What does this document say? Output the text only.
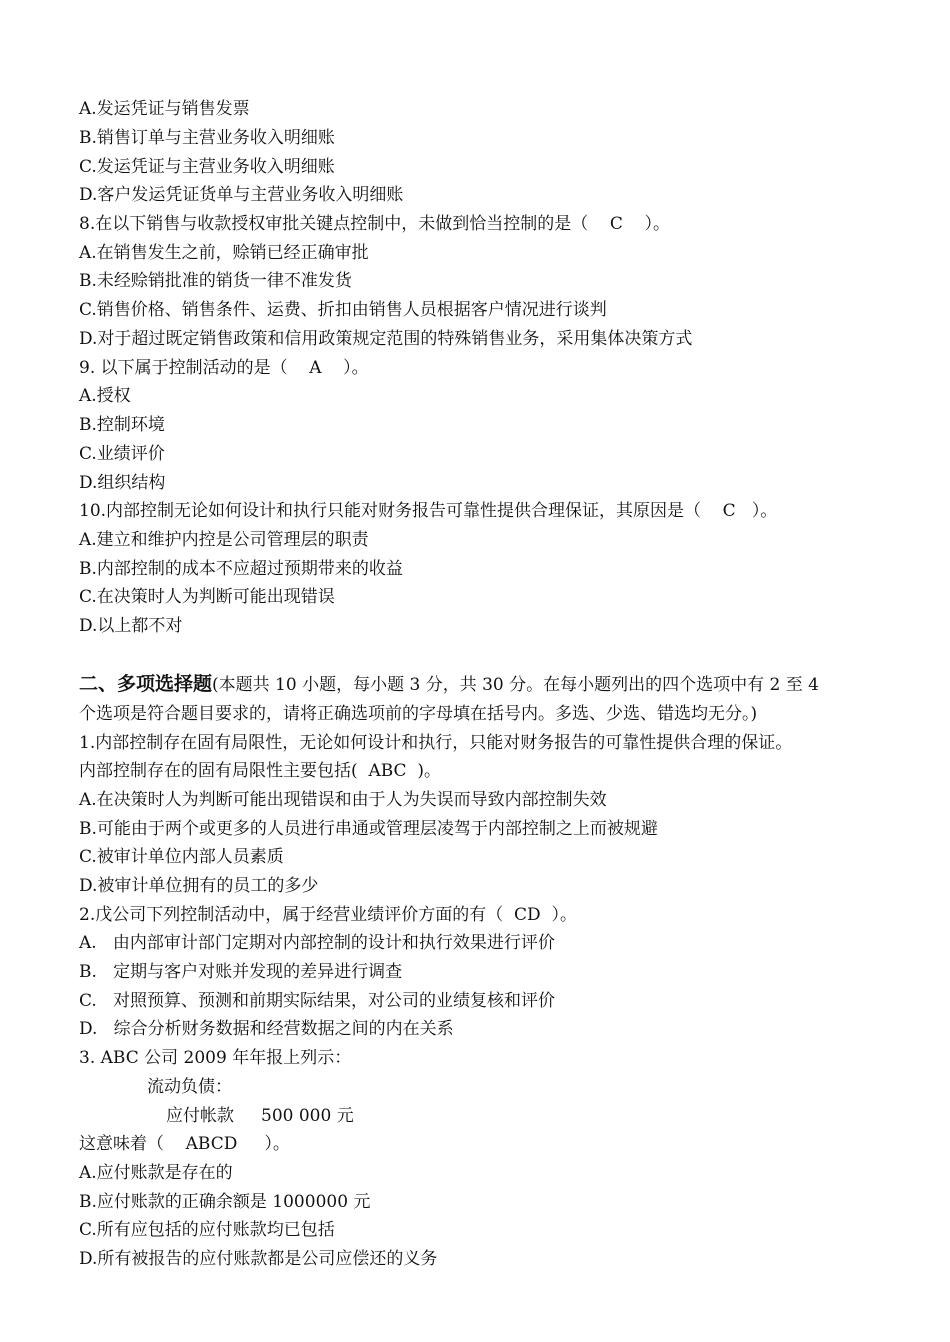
A.发运凭证与销售发票
B.销售订单与主营业务收入明细账
C.发运凭证与主营业务收入明细账
D.客户发运凭证货单与主营业务收入明细账
8.在以下销售与收款授权审批关键点控制中，未做到恰当控制的是（    C    ）。
A.在销售发生之前，赊销已经正确审批
B.未经赊销批准的销货一律不准发货
C.销售价格、销售条件、运费、折扣由销售人员根据客户情况进行谈判
D.对于超过既定销售政策和信用政策规定范围的特殊销售业务，采用集体决策方式
9. 以下属于控制活动的是（    A    ）。
A.授权
B.控制环境
C.业绩评价
D.组织结构
10.内部控制无论如何设计和执行只能对财务报告可靠性提供合理保证，其原因是（    C   ）。
A.建立和维护内控是公司管理层的职责
B.内部控制的成本不应超过预期带来的收益
C.在决策时人为判断可能出现错误
D.以上都不对
二、多项选择题(本题共 10 小题，每小题 3 分，共 30 分。在每小题列出的四个选项中有 2 至 4
个选项是符合题目要求的，请将正确选项前的字母填在括号内。多选、少选、错选均无分。)
1.内部控制存在固有局限性，无论如何设计和执行，只能对财务报告的可靠性提供合理的保证。
内部控制存在的固有局限性主要包括(  ABC  )。
A.在决策时人为判断可能出现错误和由于人为失误而导致内部控制失效
B.可能由于两个或更多的人员进行串通或管理层凌驾于内部控制之上而被规避
C.被审计单位内部人员素质
D.被审计单位拥有的员工的多少
2.戊公司下列控制活动中，属于经营业绩评价方面的有（  CD  ）。
A.   由内部审计部门定期对内部控制的设计和执行效果进行评价
B.   定期与客户对账并发现的差异进行调查
C.   对照预算、预测和前期实际结果，对公司的业绩复核和评价
D.   综合分析财务数据和经营数据之间的内在关系
3. ABC 公司 2009 年年报上列示：
流动负债：
应付帐款     500 000 元
这意味着（    ABCD     ）。
A.应付账款是存在的
B.应付账款的正确余额是 1000000 元
C.所有应包括的应付账款均已包括
D.所有被报告的应付账款都是公司应偿还的义务
